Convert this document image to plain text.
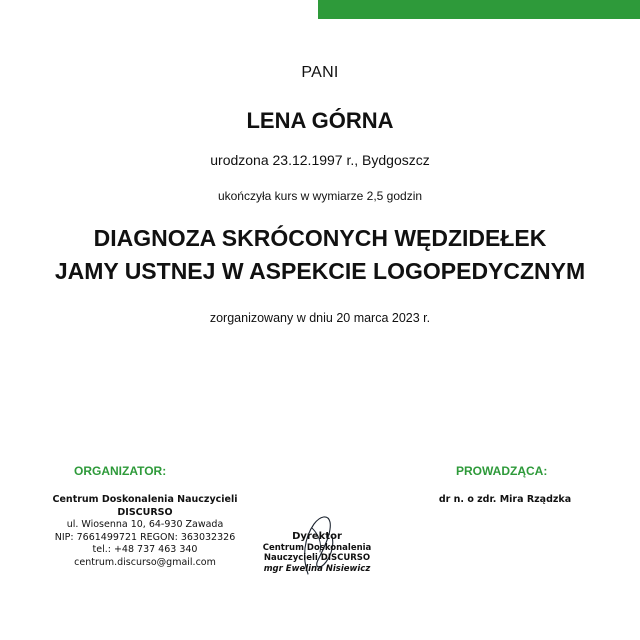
PANI
LENA GÓRNA
urodzona 23.12.1997 r., Bydgoszcz
ukończyła kurs w wymiarze 2,5 godzin
DIAGNOZA SKRÓCONYCH WĘDZIDEŁEK
JAMY USTNEJ W ASPEKCIE LOGOPEDYCZNYM
zorganizowany w dniu 20 marca 2023 r.
ORGANIZATOR:	PROWADZĄCA:
Centrum Doskonalenia Nauczycieli
DISCURSO
ul. Wiosenna 10, 64-930 Zawada
NIP: 7661499721 REGON: 363032326
tel.: +48 737 463 340
centrum.discurso@gmail.com
dr n. o zdr. Mira Rządzka
Dyrektor
Centrum Doskonalenia
Nauczycieli DISCURSO
mgr Ewelina Nisiewicz
